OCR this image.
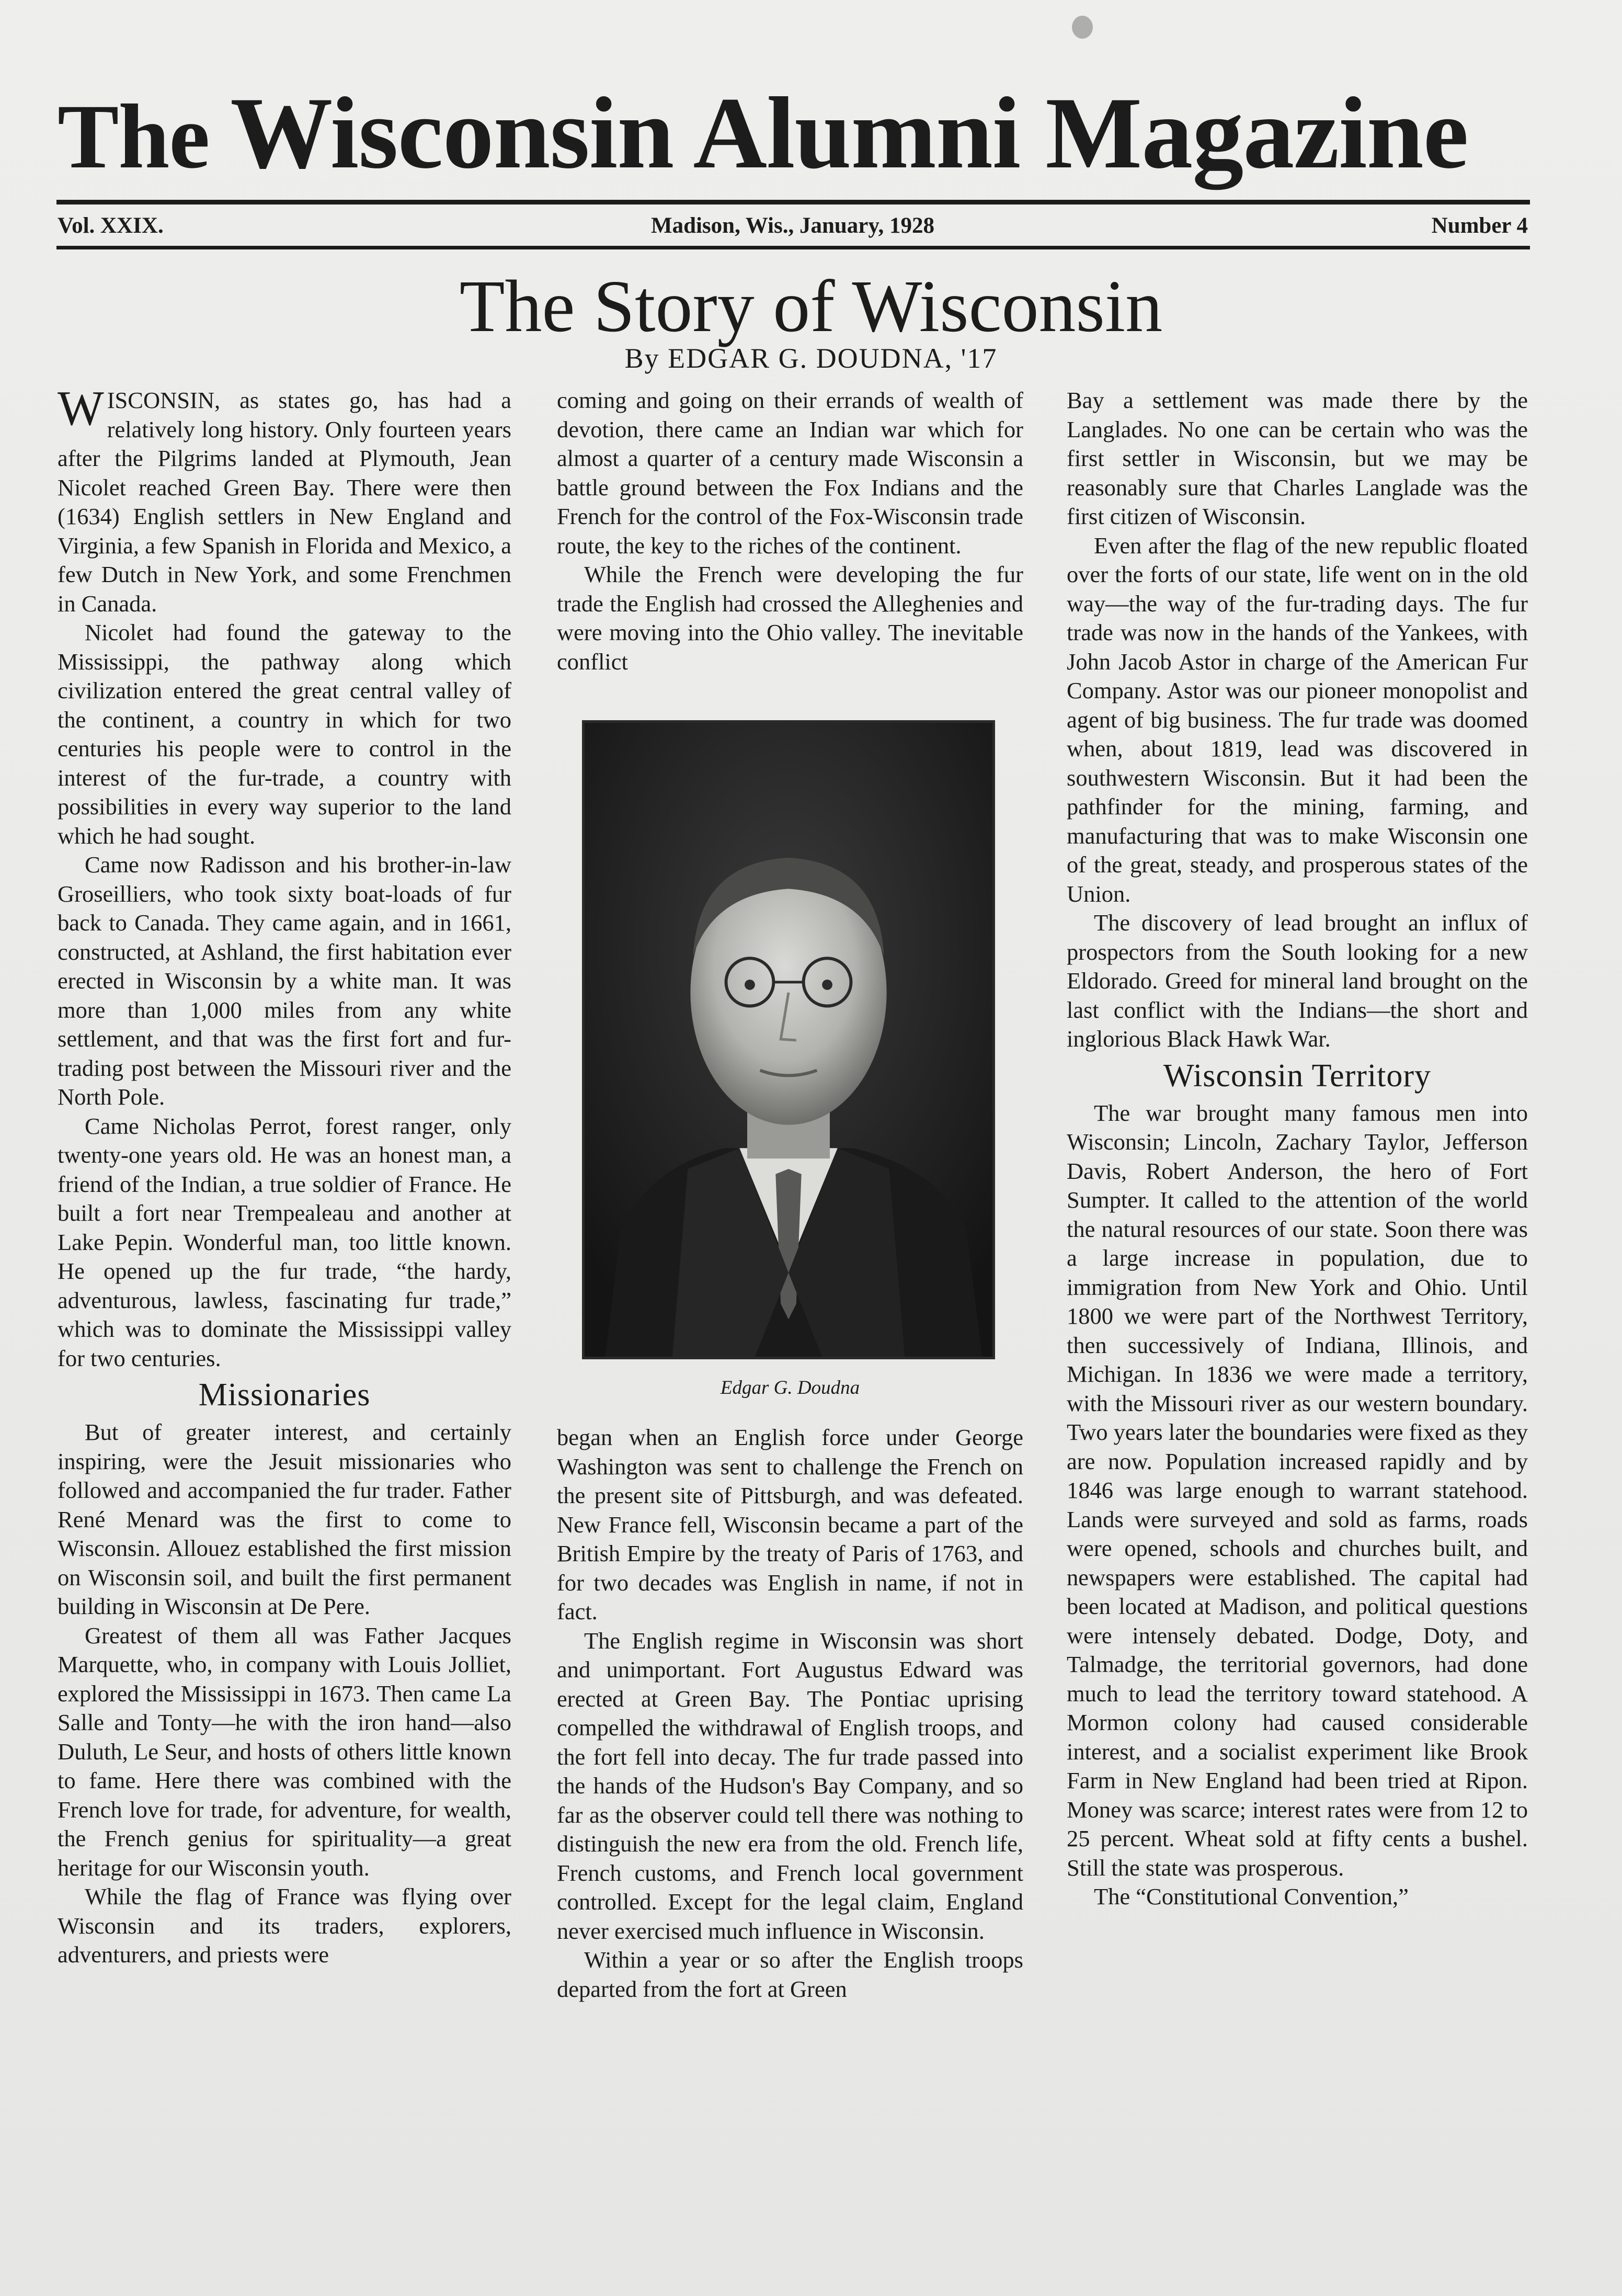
The Wisconsin Alumni Magazine
Madison, Wis., January, 1928
Vol. XXIX.	Number 4
The Story of Wisconsin
By EDGAR G. DOUDNA, '17

WISCONSIN, as states go, has had a relatively long history. Only fourteen years after the Pilgrims landed at Plymouth, Jean Nicolet reached Green Bay. There were then (1634) English settlers in New England and Virginia, a few Spanish in Florida and Mexico, a few Dutch in New York, and some Frenchmen in Canada.

Nicolet had found the gateway to the Mississippi, the pathway along which civilization entered the great central valley of the continent, a country in which for two centuries his people were to control in the interest of the fur-trade, a country with possibilities in every way superior to the land which he had sought.

Came now Radisson and his brother-in-law Groseilliers, who took sixty boat-loads of fur back to Canada. They came again, and in 1661, constructed, at Ashland, the first habitation ever erected in Wisconsin by a white man. It was more than 1,000 miles from any white settlement, and that was the first fort and fur-trading post between the Missouri river and the North Pole.

Came Nicholas Perrot, forest ranger, only twenty-one years old. He was an honest man, a friend of the Indian, a true soldier of France. He built a fort near Trempealeau and another at Lake Pepin. Wonderful man, too little known. He opened up the fur trade, “the hardy, adventurous, lawless, fascinating fur trade,” which was to dominate the Mississippi valley for two centuries.

Missionaries

But of greater interest, and certainly inspiring, were the Jesuit missionaries who followed and accompanied the fur trader. Father René Menard was the first to come to Wisconsin. Allouez established the first mission on Wisconsin soil, and built the first permanent building in Wisconsin at De Pere.

Greatest of them all was Father Jacques Marquette, who, in company with Louis Jolliet, explored the Mississippi in 1673. Then came La Salle and Tonty—he with the iron hand—also Duluth, Le Seur, and hosts of others little known to fame. Here there was combined with the French love for trade, for adventure, for wealth, the French genius for spirituality—a great heritage for our Wisconsin youth.

While the flag of France was flying over Wisconsin and its traders, explorers, adventurers, and priests were

coming and going on their errands of wealth of devotion, there came an Indian war which for almost a quarter of a century made Wisconsin a battle ground between the Fox Indians and the French for the control of the Fox-Wisconsin trade route, the key to the riches of the continent.

While the French were developing the fur trade the English had crossed the Alleghenies and were moving into the Ohio valley. The inevitable conflict

Edgar G. Doudna

began when an English force under George Washington was sent to challenge the French on the present site of Pittsburgh, and was defeated. New France fell, Wisconsin became a part of the British Empire by the treaty of Paris of 1763, and for two decades was English in name, if not in fact.

The English regime in Wisconsin was short and unimportant. Fort Augustus Edward was erected at Green Bay. The Pontiac uprising compelled the withdrawal of English troops, and the fort fell into decay. The fur trade passed into the hands of the Hudson's Bay Company, and so far as the observer could tell there was nothing to distinguish the new era from the old. French life, French customs, and French local government controlled. Except for the legal claim, England never exercised much influence in Wisconsin.

Within a year or so after the English troops departed from the fort at Green

Bay a settlement was made there by the Langlades. No one can be certain who was the first settler in Wisconsin, but we may be reasonably sure that Charles Langlade was the first citizen of Wisconsin.

Even after the flag of the new republic floated over the forts of our state, life went on in the old way—the way of the fur-trading days. The fur trade was now in the hands of the Yankees, with John Jacob Astor in charge of the American Fur Company. Astor was our pioneer monopolist and agent of big business. The fur trade was doomed when, about 1819, lead was discovered in southwestern Wisconsin. But it had been the pathfinder for the mining, farming, and manufacturing that was to make Wisconsin one of the great, steady, and prosperous states of the Union.

The discovery of lead brought an influx of prospectors from the South looking for a new Eldorado. Greed for mineral land brought on the last conflict with the Indians—the short and inglorious Black Hawk War.

Wisconsin Territory

The war brought many famous men into Wisconsin; Lincoln, Zachary Taylor, Jefferson Davis, Robert Anderson, the hero of Fort Sumpter. It called to the attention of the world the natural resources of our state. Soon there was a large increase in population, due to immigration from New York and Ohio. Until 1800 we were part of the Northwest Territory, then successively of Indiana, Illinois, and Michigan. In 1836 we were made a territory, with the Missouri river as our western boundary. Two years later the boundaries were fixed as they are now. Population increased rapidly and by 1846 was large enough to warrant statehood. Lands were surveyed and sold as farms, roads were opened, schools and churches built, and newspapers were established. The capital had been located at Madison, and political questions were intensely debated. Dodge, Doty, and Talmadge, the territorial governors, had done much to lead the territory toward statehood. A Mormon colony had caused considerable interest, and a socialist experiment like Brook Farm in New England had been tried at Ripon. Money was scarce; interest rates were from 12 to 25 percent. Wheat sold at fifty cents a bushel. Still the state was prosperous.

The “Constitutional Convention,”
